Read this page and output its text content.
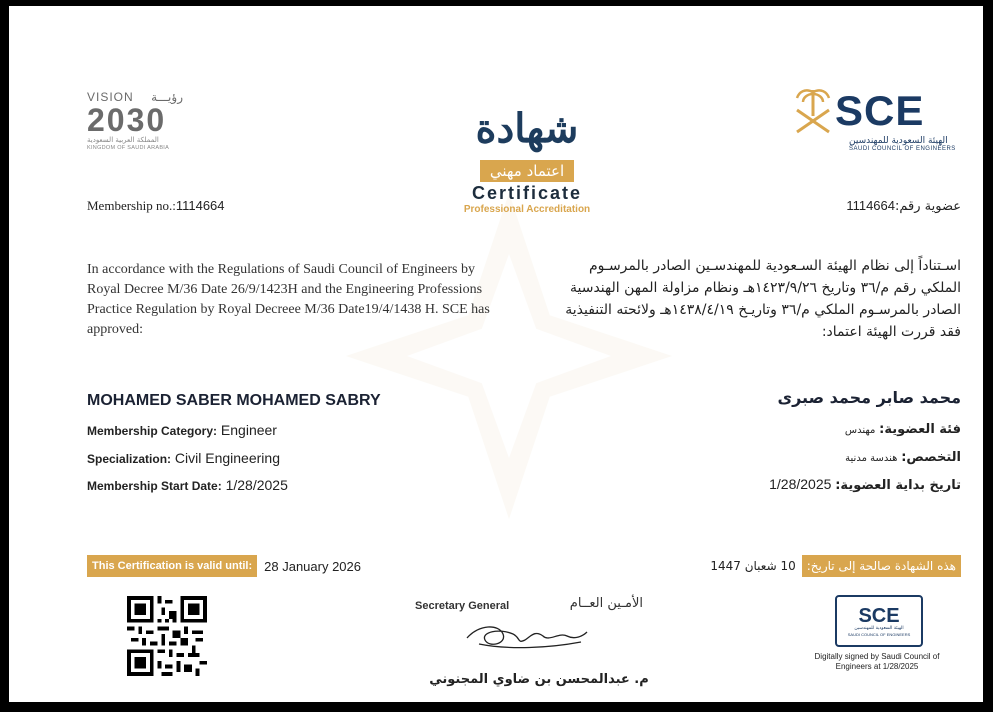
VISION رؤيـــة
2030
المملكة العربية السعودية
KINGDOM OF SAUDI ARABIA	شهادة
اعتماد مهني
Certificate
Professional Accreditation
SCE
الهيئة السعودية للمهندسين
SAUDI COUNCIL OF ENGINEERS
Membership no.:1114664	عضوية رقم:1114664
In accordance with the Regulations of Saudi Council of Engineers by Royal Decree M/36 Date 26/9/1423H and the Engineering Professions Practice Regulation by Royal Decreee M/36 Date19/4/1438 H. SCE has approved:
اسـتناداً إلى نظام الهيئة السـعودية للمهندسـين الصادر بالمرسـوم الملكي رقم م/٣٦ وتاريخ ١٤٢٣/٩/٢٦هـ ونظام مزاولة المهن الهندسية الصادر بالمرسـوم الملكي م/٣٦ وتاريـخ ١٤٣٨/٤/١٩هـ ولائحته التنفيذية فقد قررت الهيئة اعتماد:
MOHAMED SABER MOHAMED SABRY	محمد صابر محمد صبرى
Membership Category: Engineer
Specialization: Civil Engineering
Membership Start Date: 1/28/2025
فئة العضوية: مهندس
التخصص: هندسة مدنية
تاريخ بداية العضوية: 1/28/2025
This Certification is valid until: 28 January 2026	هذه الشهادة صالحة إلى تاريخ:
10 شعبان 1447
Secretary General	الأمـين العــام
م. عبدالمحسن بن ضاوي المجنوني
SCE
الهيئة السعودية للمهندسين
SAUDI COUNCIL OF ENGINEERS
Digitally signed by Saudi Council of Engineers at 1/28/2025
